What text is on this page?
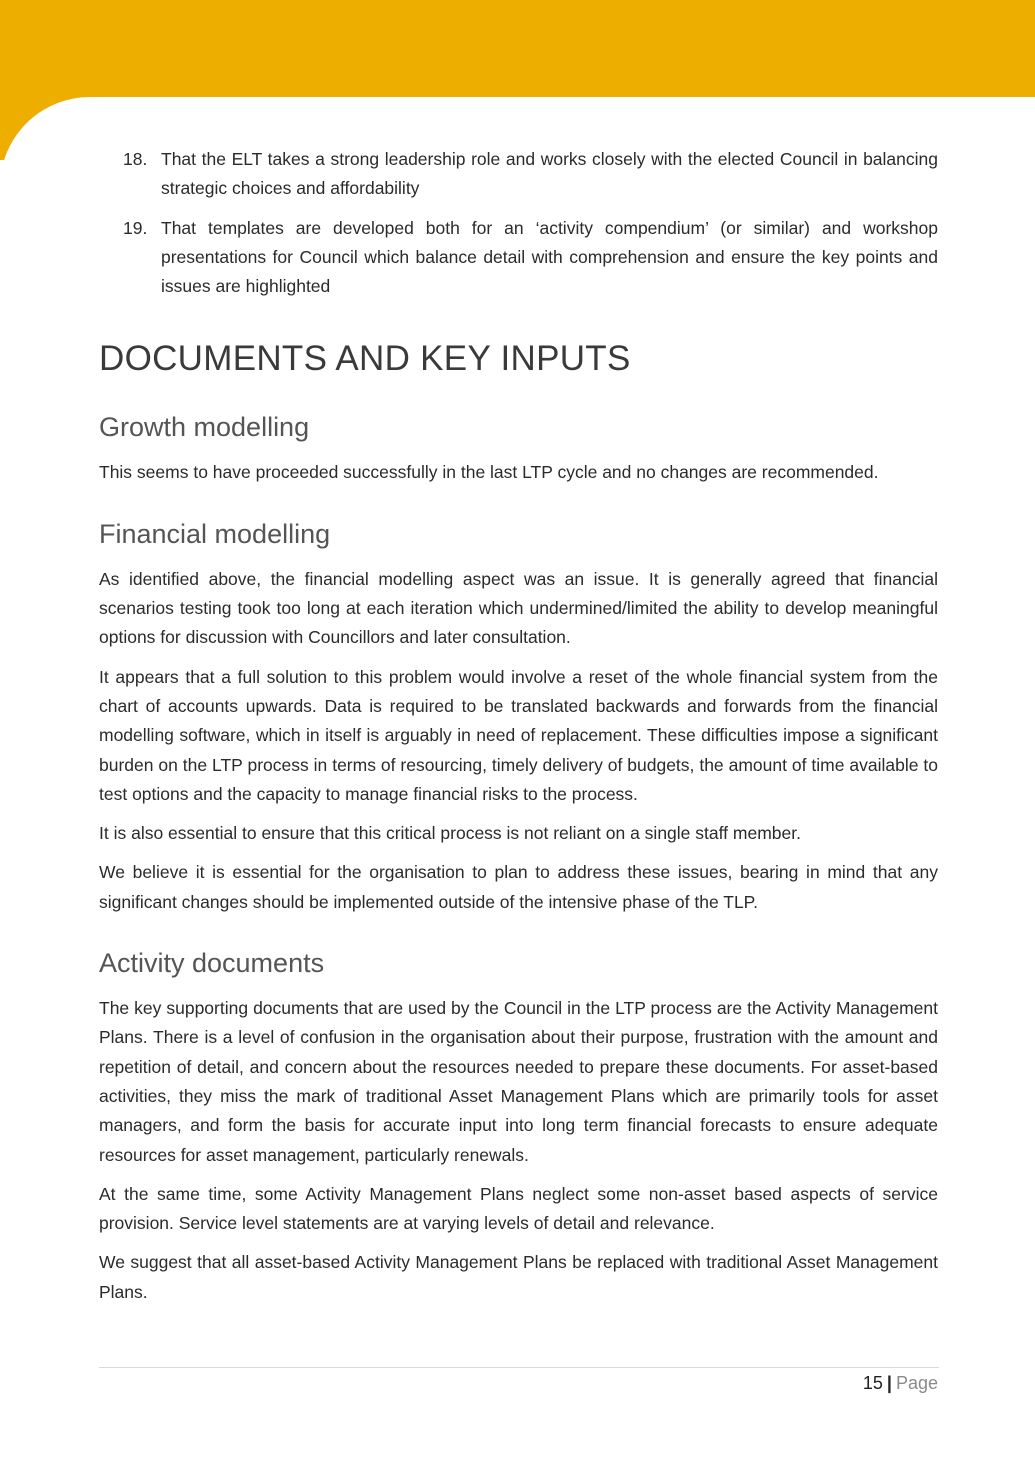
18. That the ELT takes a strong leadership role and works closely with the elected Council in balancing strategic choices and affordability
19. That templates are developed both for an ‘activity compendium’ (or similar) and workshop presentations for Council which balance detail with comprehension and ensure the key points and issues are highlighted
DOCUMENTS AND KEY INPUTS
Growth modelling

This seems to have proceeded successfully in the last LTP cycle and no changes are recommended.

Financial modelling

As identified above, the financial modelling aspect was an issue. It is generally agreed that financial scenarios testing took too long at each iteration which undermined/limited the ability to develop meaningful options for discussion with Councillors and later consultation.

It appears that a full solution to this problem would involve a reset of the whole financial system from the chart of accounts upwards. Data is required to be translated backwards and forwards from the financial modelling software, which in itself is arguably in need of replacement. These difficulties impose a significant burden on the LTP process in terms of resourcing, timely delivery of budgets, the amount of time available to test options and the capacity to manage financial risks to the process.

It is also essential to ensure that this critical process is not reliant on a single staff member.

We believe it is essential for the organisation to plan to address these issues, bearing in mind that any significant changes should be implemented outside of the intensive phase of the TLP.

Activity documents

The key supporting documents that are used by the Council in the LTP process are the Activity Management Plans. There is a level of confusion in the organisation about their purpose, frustration with the amount and repetition of detail, and concern about the resources needed to prepare these documents. For asset-based activities, they miss the mark of traditional Asset Management Plans which are primarily tools for asset managers, and form the basis for accurate input into long term financial forecasts to ensure adequate resources for asset management, particularly renewals.

At the same time, some Activity Management Plans neglect some non-asset based aspects of service provision. Service level statements are at varying levels of detail and relevance.

We suggest that all asset-based Activity Management Plans be replaced with traditional Asset Management Plans.

15 | Page
